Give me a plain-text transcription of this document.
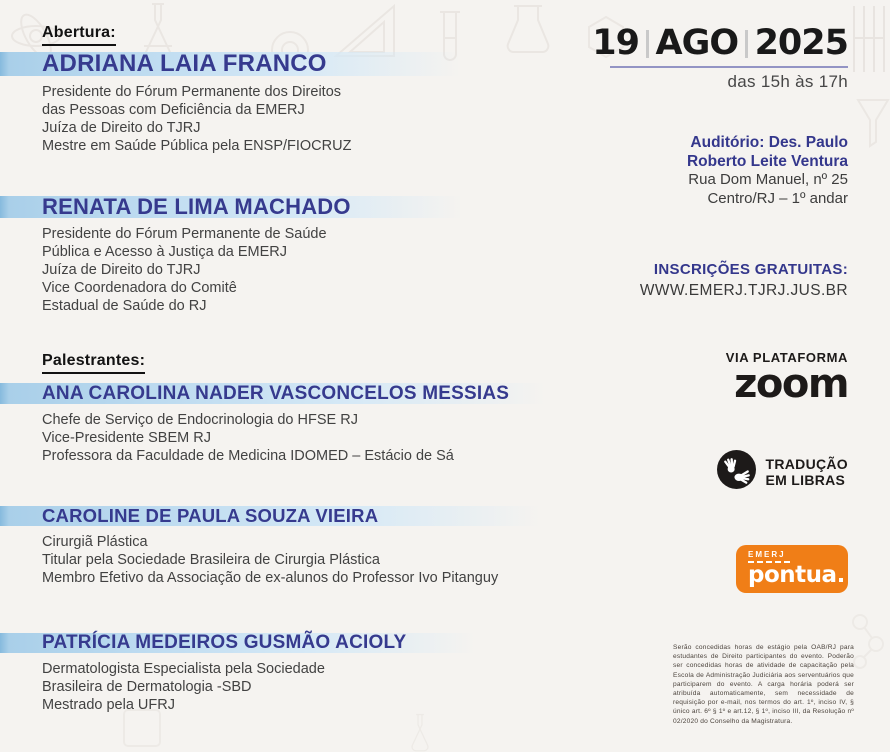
Abertura:
ADRIANA LAIA FRANCO
Presidente do Fórum Permanente dos Direitos
das Pessoas com Deficiência da EMERJ
Juíza de Direito do TJRJ
Mestre em Saúde Pública pela ENSP/FIOCRUZ
RENATA DE LIMA MACHADO
Presidente do Fórum Permanente de Saúde
Pública e Acesso à Justiça da EMERJ
Juíza de Direito do TJRJ
Vice Coordenadora do Comitê
Estadual de Saúde do RJ
Palestrantes:
ANA CAROLINA NADER VASCONCELOS MESSIAS
Chefe de Serviço de Endocrinologia do HFSE RJ
Vice-Presidente SBEM RJ
Professora da Faculdade de Medicina IDOMED – Estácio de Sá
CAROLINE DE PAULA SOUZA VIEIRA
Cirurgiã Plástica
Titular pela Sociedade Brasileira de Cirurgia Plástica
Membro Efetivo da Associação de ex-alunos do Professor Ivo Pitanguy
PATRÍCIA MEDEIROS GUSMÃO ACIOLY
Dermatologista Especialista pela Sociedade
Brasileira de Dermatologia -SBD
Mestrado pela UFRJ
19 AGO 2025
das 15h às 17h
Auditório: Des. Paulo
Roberto Leite Ventura
Rua Dom Manuel, nº 25
Centro/RJ – 1º andar
INSCRIÇÕES GRATUITAS:
WWW.EMERJ.TJRJ.JUS.BR
VIA PLATAFORMA
zoom
TRADUÇÃO
EM LIBRAS
EMERJ
pontua
Serão concedidas horas de estágio pela OAB/RJ para estudantes de Direito participantes do evento. Poderão ser concedidas horas de atividade de capacitação pela Escola de Administração Judiciária aos serventuários que participarem do evento. A carga horária poderá ser atribuída automaticamente, sem necessidade de requisição por e-mail, nos termos do art. 1º, inciso IV, § único art. 6º § 1º e art.12, § 1º, inciso III, da Resolução nº 02/2020 do Conselho da Magistratura.
